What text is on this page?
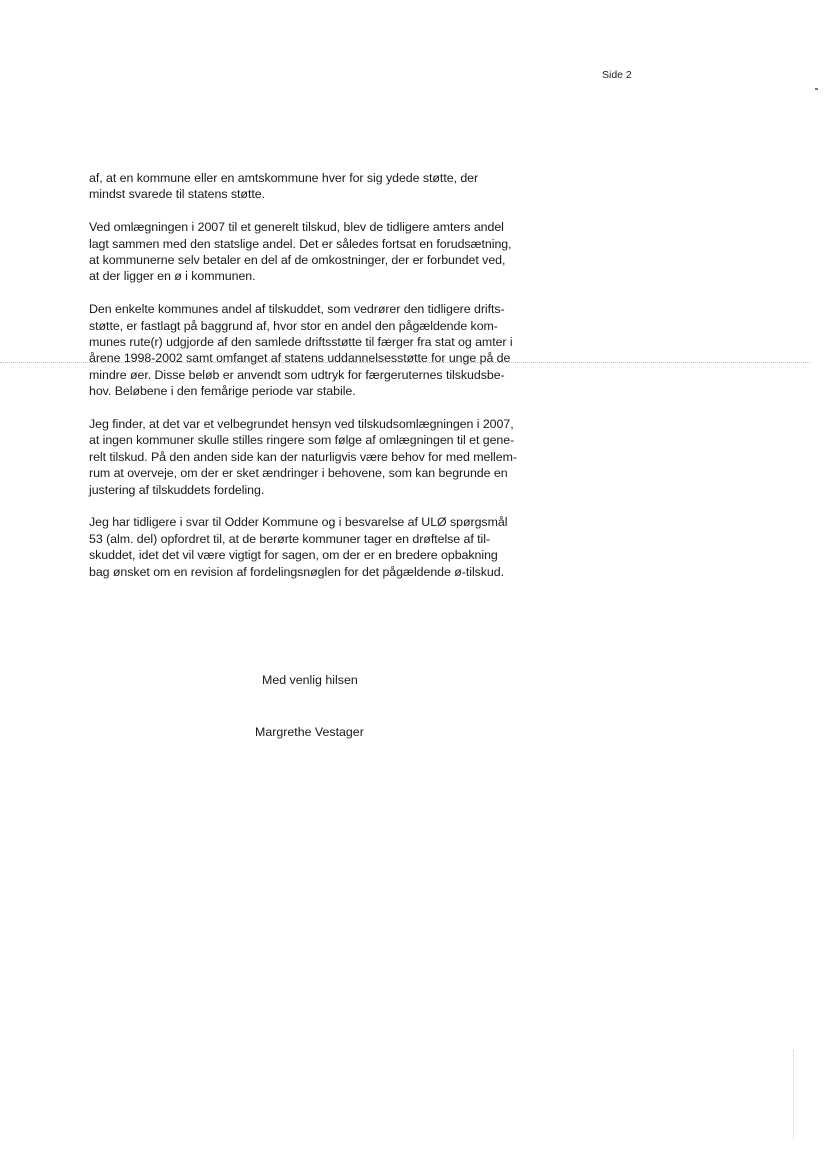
Side 2

af, at en kommune eller en amtskommune hver for sig ydede støtte, der
mindst svarede til statens støtte.

Ved omlægningen i 2007 til et generelt tilskud, blev de tidligere amters andel
lagt sammen med den statslige andel. Det er således fortsat en forudsætning,
at kommunerne selv betaler en del af de omkostninger, der er forbundet ved,
at der ligger en ø i kommunen.

Den enkelte kommunes andel af tilskuddet, som vedrører den tidligere drifts-
støtte, er fastlagt på baggrund af, hvor stor en andel den pågældende kom-
munes rute(r) udgjorde af den samlede driftsstøtte til færger fra stat og amter i
årene 1998-2002 samt omfanget af statens uddannelsesstøtte for unge på de
mindre øer. Disse beløb er anvendt som udtryk for færgeruternes tilskudsbe-
hov. Beløbene i den femårige periode var stabile.

Jeg finder, at det var et velbegrundet hensyn ved tilskudsomlægningen i 2007,
at ingen kommuner skulle stilles ringere som følge af omlægningen til et gene-
relt tilskud. På den anden side kan der naturligvis være behov for med mellem-
rum at overveje, om der er sket ændringer i behovene, som kan begrunde en
justering af tilskuddets fordeling.

Jeg har tidligere i svar til Odder Kommune og i besvarelse af ULØ spørgsmål
53 (alm. del) opfordret til, at de berørte kommuner tager en drøftelse af til-
skuddet, idet det vil være vigtigt for sagen, om der er en bredere opbakning
bag ønsket om en revision af fordelingsnøglen for det pågældende ø-tilskud.

Med venlig hilsen
Margrethe Vestager
